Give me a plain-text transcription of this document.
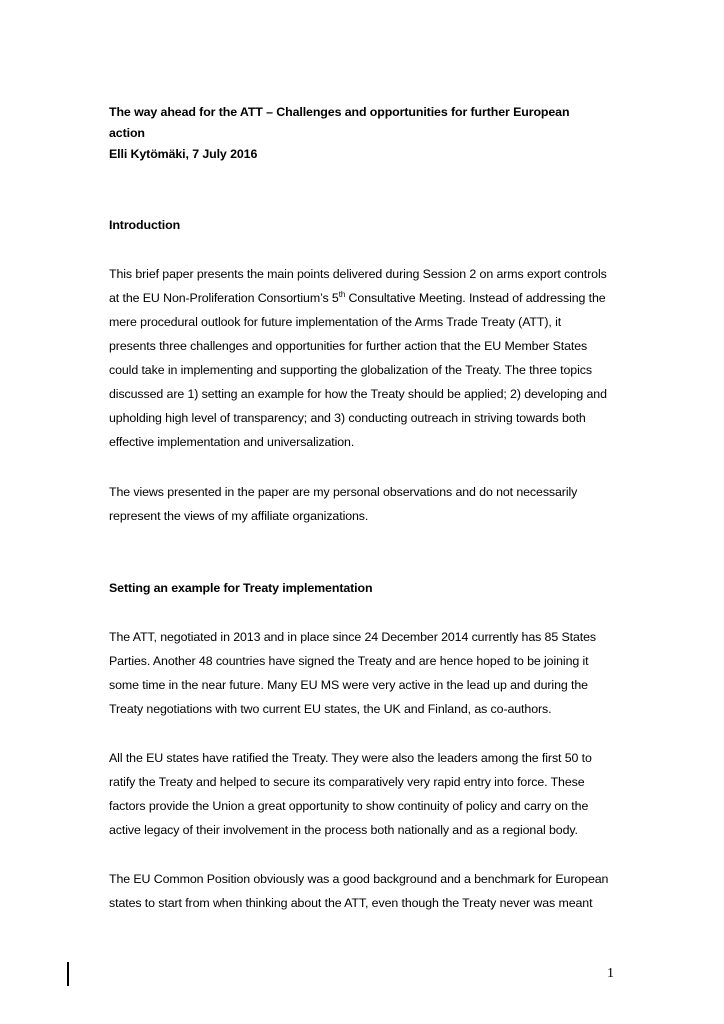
The way ahead for the ATT – Challenges and opportunities for further European
action
Elli Kytömäki, 7 July 2016
Introduction
This brief paper presents the main points delivered during Session 2 on arms export controls
at the EU Non-Proliferation Consortium’s 5th Consultative Meeting. Instead of addressing the
mere procedural outlook for future implementation of the Arms Trade Treaty (ATT), it
presents three challenges and opportunities for further action that the EU Member States
could take in implementing and supporting the globalization of the Treaty. The three topics
discussed are 1) setting an example for how the Treaty should be applied; 2) developing and
upholding high level of transparency; and 3) conducting outreach in striving towards both
effective implementation and universalization.
The views presented in the paper are my personal observations and do not necessarily
represent the views of my affiliate organizations.
Setting an example for Treaty implementation
The ATT, negotiated in 2013 and in place since 24 December 2014 currently has 85 States
Parties. Another 48 countries have signed the Treaty and are hence hoped to be joining it
some time in the near future. Many EU MS were very active in the lead up and during the
Treaty negotiations with two current EU states, the UK and Finland, as co-authors.
All the EU states have ratified the Treaty. They were also the leaders among the first 50 to
ratify the Treaty and helped to secure its comparatively very rapid entry into force. These
factors provide the Union a great opportunity to show continuity of policy and carry on the
active legacy of their involvement in the process both nationally and as a regional body.
The EU Common Position obviously was a good background and a benchmark for European
states to start from when thinking about the ATT, even though the Treaty never was meant
1
